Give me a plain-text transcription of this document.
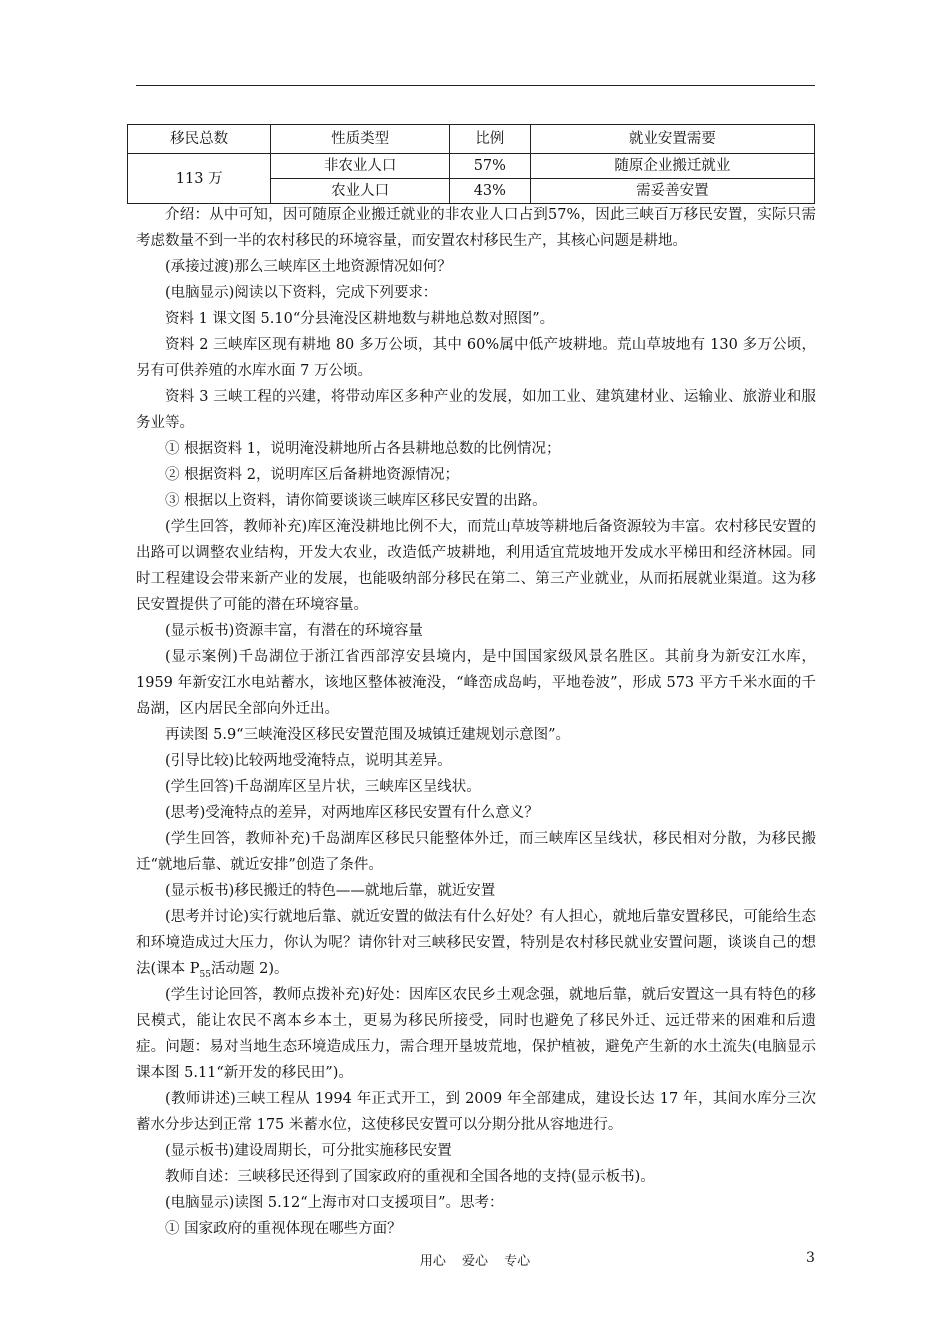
移民总数	性质类型	比例	就业安置需要
113 万	非农业人口	57%	随原企业搬迁就业
	农业人口	43%	需妥善安置

介绍：从中可知，因可随原企业搬迁就业的非农业人口占到57%，因此三峡百万移民安置，实际只需考虑数量不到一半的农村移民的环境容量，而安置农村移民生产，其核心问题是耕地。

(承接过渡)那么三峡库区土地资源情况如何？

(电脑显示)阅读以下资料，完成下列要求：

资料 1 课文图 5.10“分县淹没区耕地数与耕地总数对照图”。

资料 2 三峡库区现有耕地 80 多万公顷，其中 60%属中低产坡耕地。荒山草坡地有 130 多万公顷，另有可供养殖的水库水面 7 万公顷。

资料 3 三峡工程的兴建，将带动库区多种产业的发展，如加工业、建筑建材业、运输业、旅游业和服务业等。

① 根据资料 1，说明淹没耕地所占各县耕地总数的比例情况；

② 根据资料 2，说明库区后备耕地资源情况；

③ 根据以上资料，请你简要谈谈三峡库区移民安置的出路。

(学生回答，教师补充)库区淹没耕地比例不大，而荒山草坡等耕地后备资源较为丰富。农村移民安置的出路可以调整农业结构，开发大农业，改造低产坡耕地，利用适宜荒坡地开发成水平梯田和经济林园。同时工程建设会带来新产业的发展，也能吸纳部分移民在第二、第三产业就业，从而拓展就业渠道。这为移民安置提供了可能的潜在环境容量。

(显示板书)资源丰富，有潜在的环境容量

(显示案例)千岛湖位于浙江省西部淳安县境内，是中国国家级风景名胜区。其前身为新安江水库，1959 年新安江水电站蓄水，该地区整体被淹没，“峰峦成岛屿，平地卷波”，形成 573 平方千米水面的千岛湖，区内居民全部向外迁出。

再读图 5.9“三峡淹没区移民安置范围及城镇迁建规划示意图”。

(引导比较)比较两地受淹特点，说明其差异。

(学生回答)千岛湖库区呈片状，三峡库区呈线状。

(思考)受淹特点的差异，对两地库区移民安置有什么意义？

(学生回答，教师补充)千岛湖库区移民只能整体外迁，而三峡库区呈线状，移民相对分散，为移民搬迁“就地后靠、就近安排”创造了条件。

(显示板书)移民搬迁的特色——就地后靠，就近安置

(思考并讨论)实行就地后靠、就近安置的做法有什么好处？有人担心，就地后靠安置移民，可能给生态和环境造成过大压力，你认为呢？请你针对三峡移民安置，特别是农村移民就业安置问题，谈谈自己的想法(课本 $P_{55}$活动题 2)。

(学生讨论回答，教师点拨补充)好处：因库区农民乡土观念强，就地后靠，就后安置这一具有特色的移民模式，能让农民不离本乡本土，更易为移民所接受，同时也避免了移民外迁、远迁带来的困难和后遗症。问题：易对当地生态环境造成压力，需合理开垦坡荒地，保护植被，避免产生新的水土流失(电脑显示课本图 5.11“新开发的移民田”)。

(教师讲述)三峡工程从 1994 年正式开工，到 2009 年全部建成，建设长达 17 年，其间水库分三次蓄水分步达到正常 175 米蓄水位，这使移民安置可以分期分批从容地进行。

(显示板书)建设周期长，可分批实施移民安置

教师自述：三峡移民还得到了国家政府的重视和全国各地的支持(显示板书)。

(电脑显示)读图 5.12“上海市对口支援项目”。思考：

① 国家政府的重视体现在哪些方面？

用心 爱心 专心	3
